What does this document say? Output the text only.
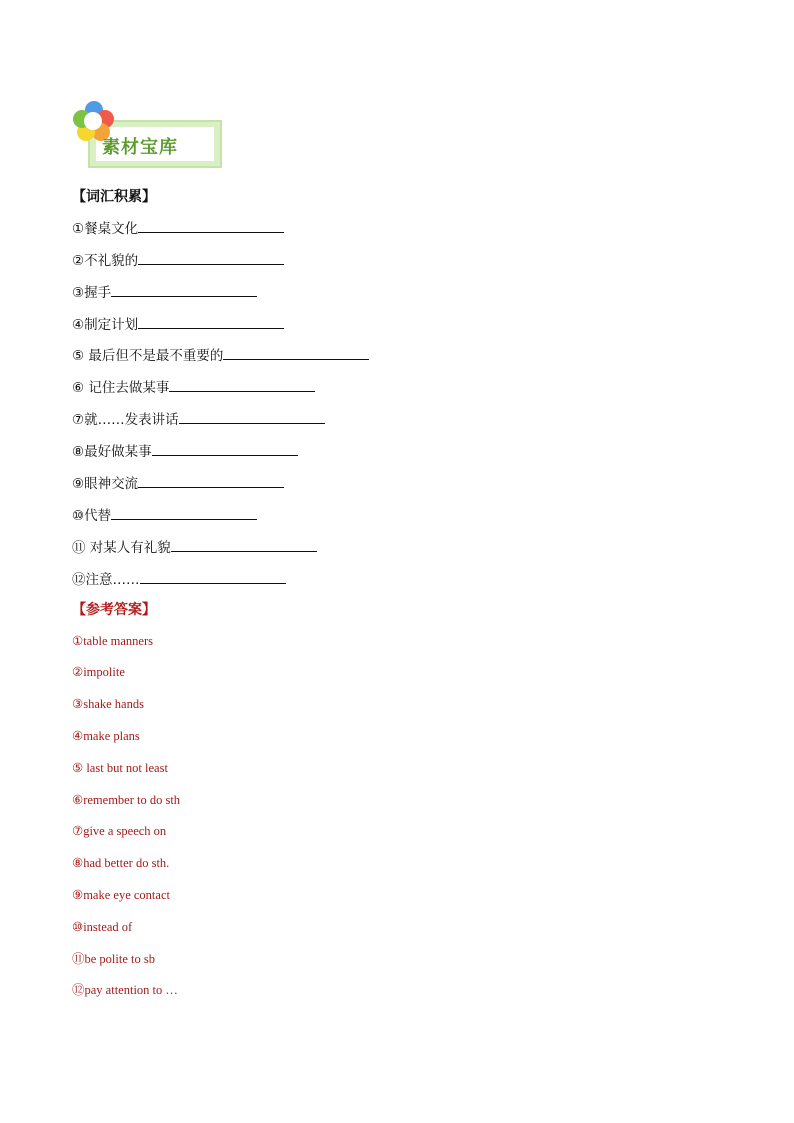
素材宝库
【词汇积累】
①餐桌文化
②不礼貌的
③握手
④制定计划
⑤ 最后但不是最不重要的
⑥ 记住去做某事
⑦就……发表讲话
⑧最好做某事
⑨眼神交流
⑩代替
⑪ 对某人有礼貌
⑫注意……
【参考答案】
①table manners
②impolite
③shake hands
④make plans
⑤ last but not least
⑥remember to do sth
⑦give a speech on
⑧had better do sth.
⑨make eye contact
⑩instead of
⑪be polite to sb
⑫pay attention to …
